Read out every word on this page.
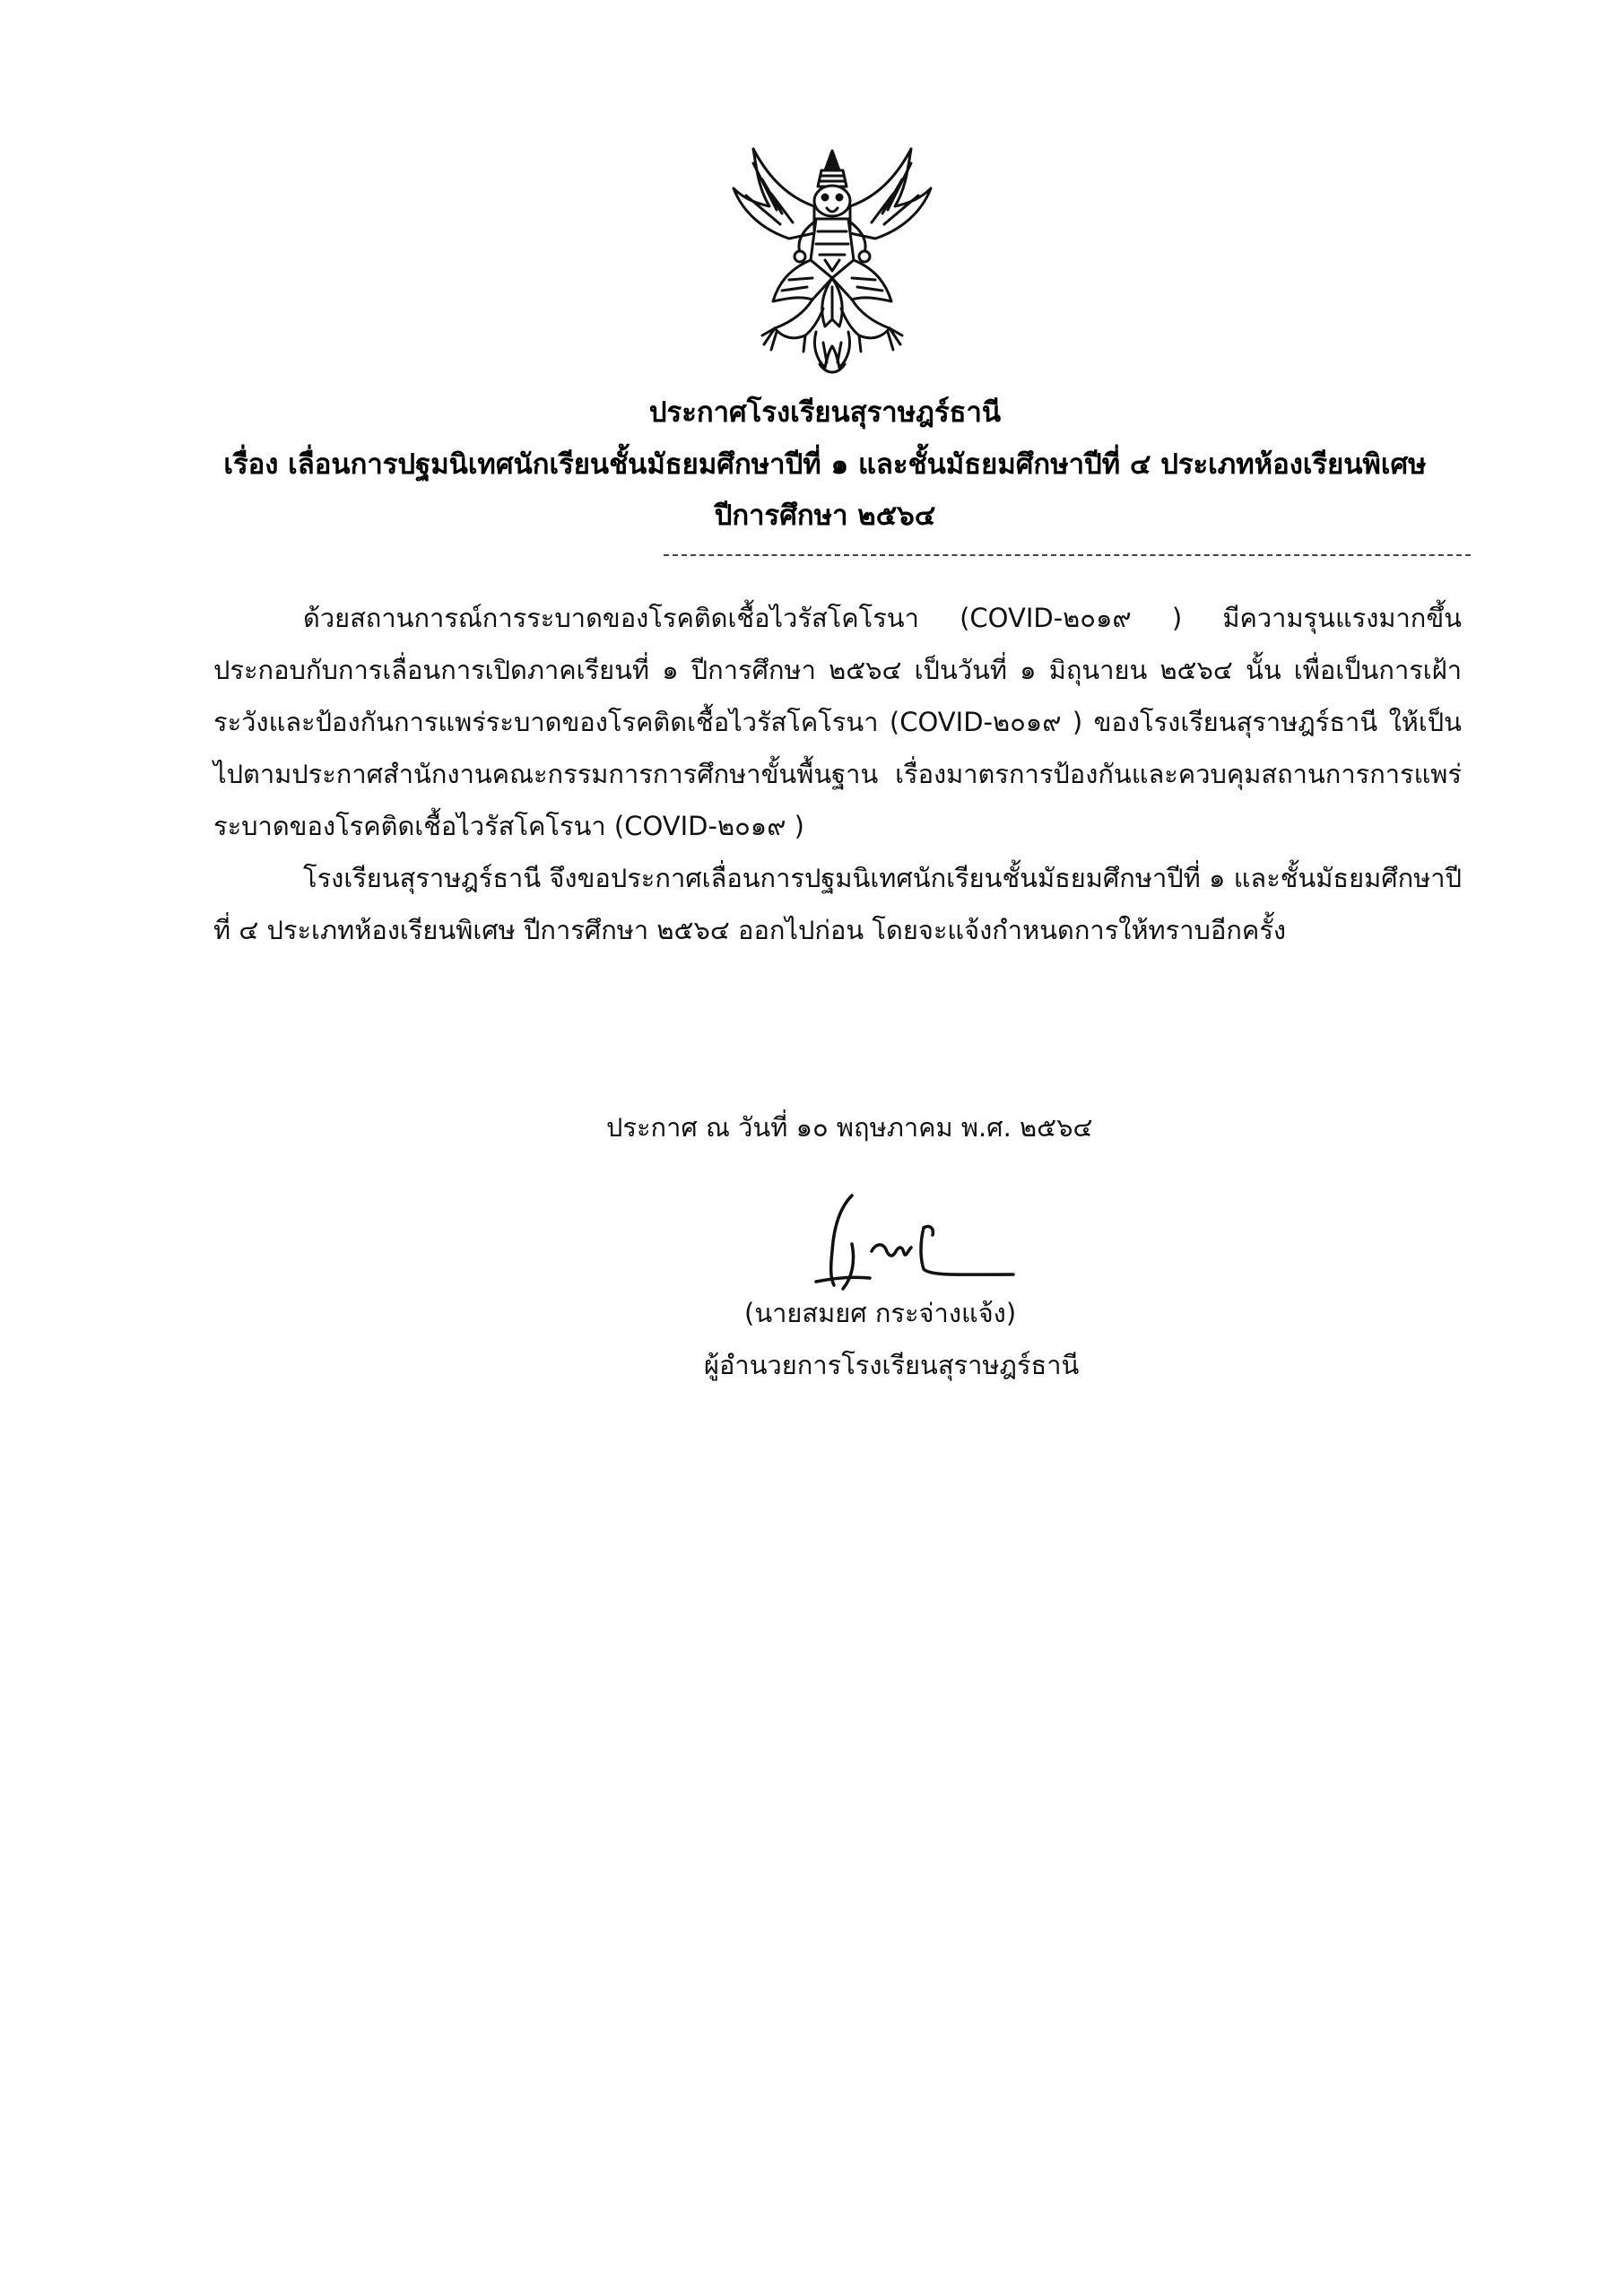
ประกาศโรงเรียนสุราษฎร์ธานี
เรื่อง เลื่อนการปฐมนิเทศนักเรียนชั้นมัธยมศึกษาปีที่ ๑ และชั้นมัธยมศึกษาปีที่ ๔ ประเภทห้องเรียนพิเศษ
ปีการศึกษา ๒๕๖๔
ด้วยสถานการณ์การระบาดของโรคติดเชื้อไวรัสโคโรนา (COVID-๒๐๑๙ ) มีความรุนแรงมากขึ้น ประกอบกับการเลื่อนการเปิดภาคเรียนที่ ๑ ปีการศึกษา ๒๕๖๔ เป็นวันที่ ๑ มิถุนายน ๒๕๖๔ นั้น เพื่อเป็นการเฝ้าระวังและป้องกันการแพร่ระบาดของโรคติดเชื้อไวรัสโคโรนา (COVID-๒๐๑๙ ) ของโรงเรียนสุราษฎร์ธานี ให้เป็นไปตามประกาศสำนักงานคณะกรรมการการศึกษาขั้นพื้นฐาน เรื่องมาตรการป้องกันและควบคุมสถานการการแพร่ระบาดของโรคติดเชื้อไวรัสโคโรนา (COVID-๒๐๑๙ )
โรงเรียนสุราษฎร์ธานี จึงขอประกาศเลื่อนการปฐมนิเทศนักเรียนชั้นมัธยมศึกษาปีที่ ๑ และชั้นมัธยมศึกษาปีที่ ๔ ประเภทห้องเรียนพิเศษ ปีการศึกษา ๒๕๖๔ ออกไปก่อน โดยจะแจ้งกำหนดการให้ทราบอีกครั้ง
ประกาศ ณ วันที่ ๑๐ พฤษภาคม พ.ศ. ๒๕๖๔
(นายสมยศ กระจ่างแจ้ง)
ผู้อำนวยการโรงเรียนสุราษฎร์ธานี
